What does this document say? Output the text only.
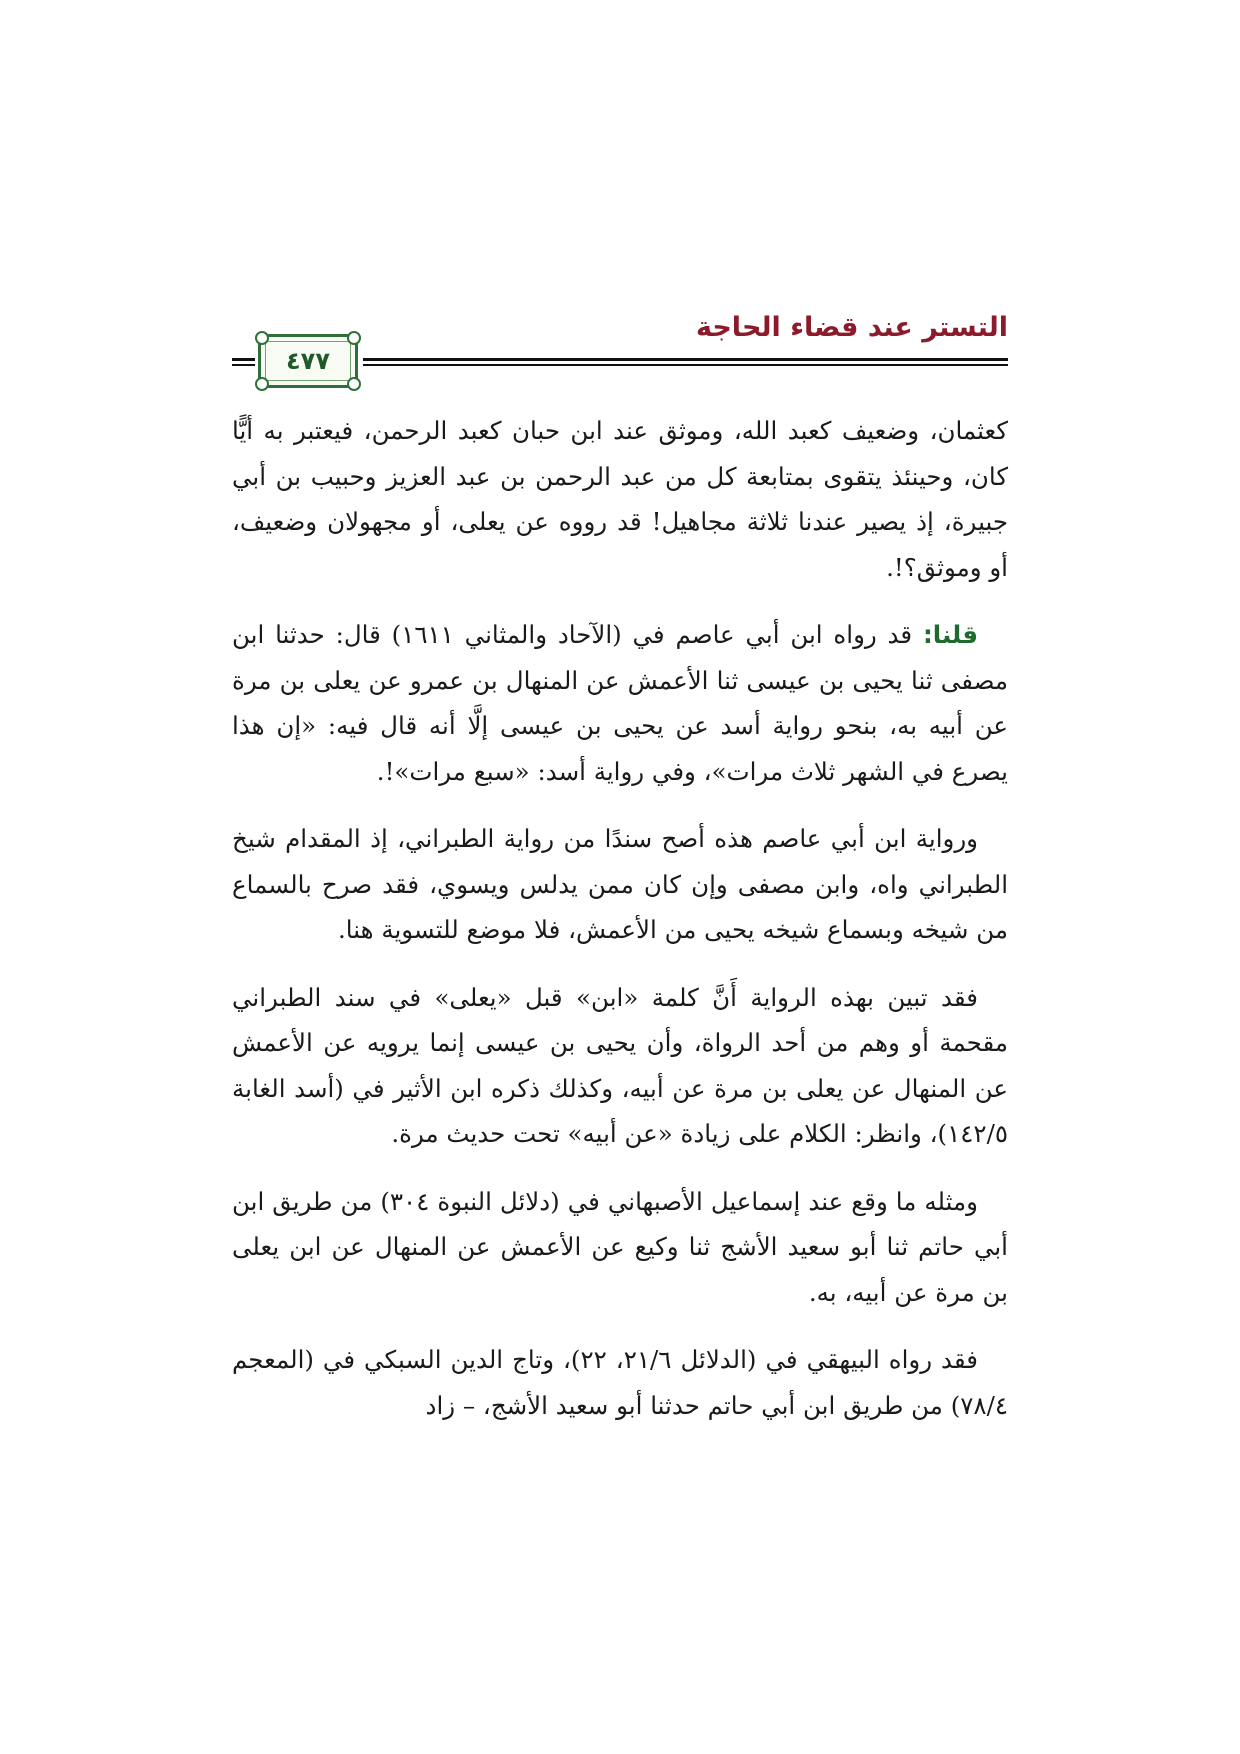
التستر عند قضاء الحاجة
٤٧٧

كعثمان، وضعيف كعبد الله، وموثق عند ابن حبان كعبد الرحمن، فيعتبر به أيًّا كان، وحينئذ يتقوى بمتابعة كل من عبد الرحمن بن عبد العزيز وحبيب بن أبي جبيرة، إذ يصير عندنا ثلاثة مجاهيل! قد رووه عن يعلى، أو مجهولان وضعيف، أو وموثق؟!.

قلنا: قد رواه ابن أبي عاصم في (الآحاد والمثاني ١٦١١) قال: حدثنا ابن مصفى ثنا يحيى بن عيسى ثنا الأعمش عن المنهال بن عمرو عن يعلى بن مرة عن أبيه به، بنحو رواية أسد عن يحيى بن عيسى إلَّا أنه قال فيه: «إن هذا يصرع في الشهر ثلاث مرات»، وفي رواية أسد: «سبع مرات»!.

ورواية ابن أبي عاصم هذه أصح سندًا من رواية الطبراني، إذ المقدام شيخ الطبراني واه، وابن مصفى وإن كان ممن يدلس ويسوي، فقد صرح بالسماع من شيخه وبسماع شيخه يحيى من الأعمش، فلا موضع للتسوية هنا.

فقد تبين بهذه الرواية أَنَّ كلمة «ابن» قبل «يعلى» في سند الطبراني مقحمة أو وهم من أحد الرواة، وأن يحيى بن عيسى إنما يرويه عن الأعمش عن المنهال عن يعلى بن مرة عن أبيه، وكذلك ذكره ابن الأثير في (أسد الغابة ١٤٢/٥)، وانظر: الكلام على زيادة «عن أبيه» تحت حديث مرة.

ومثله ما وقع عند إسماعيل الأصبهاني في (دلائل النبوة ٣٠٤) من طريق ابن أبي حاتم ثنا أبو سعيد الأشج ثنا وكيع عن الأعمش عن المنهال عن ابن يعلى بن مرة عن أبيه، به.

فقد رواه البيهقي في (الدلائل ٢١/٦، ٢٢)، وتاج الدين السبكي في (المعجم ٧٨/٤) من طريق ابن أبي حاتم حدثنا أبو سعيد الأشج، – زاد
